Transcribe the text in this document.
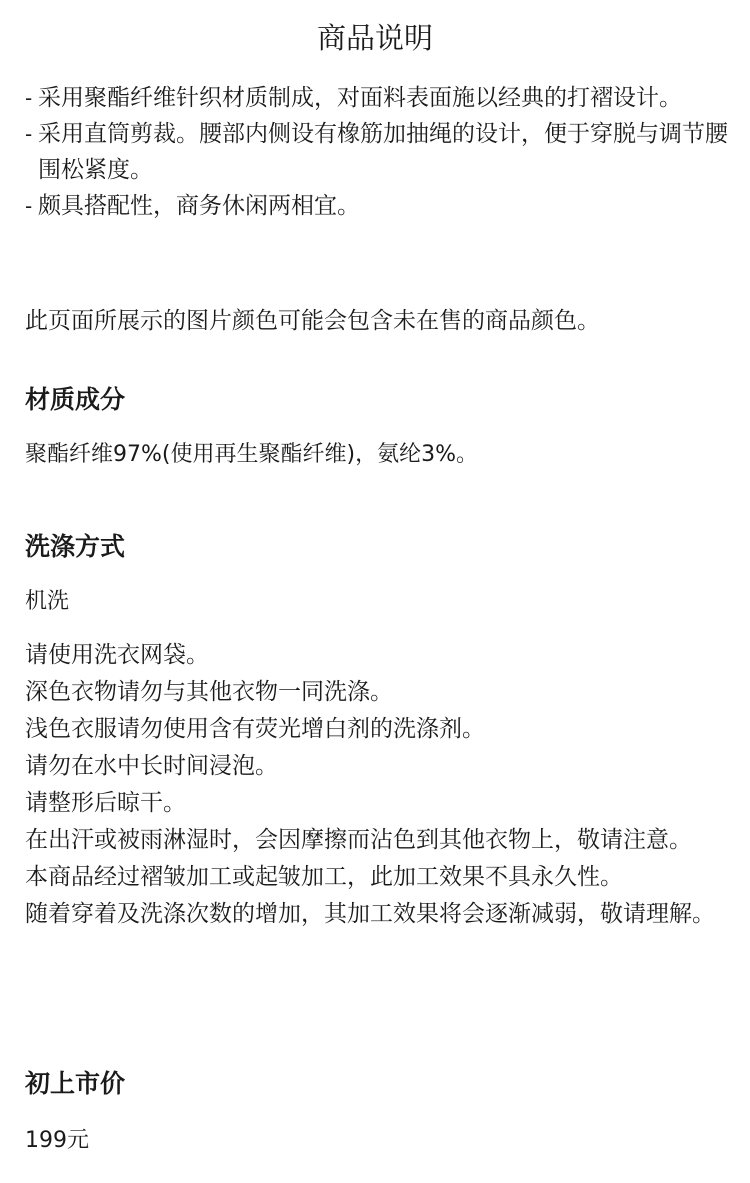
商品说明
- 采用聚酯纤维针织材质制成，对面料表面施以经典的打褶设计。
- 采用直筒剪裁。腰部内侧设有橡筋加抽绳的设计，便于穿脱与调节腰围松紧度。
- 颇具搭配性，商务休闲两相宜。

此页面所展示的图片颜色可能会包含未在售的商品颜色。

材质成分

聚酯纤维97%(使用再生聚酯纤维)，氨纶3%。

洗涤方式

机洗

请使用洗衣网袋。
深色衣物请勿与其他衣物一同洗涤。
浅色衣服请勿使用含有荧光增白剂的洗涤剂。
请勿在水中长时间浸泡。
请整形后晾干。
在出汗或被雨淋湿时，会因摩擦而沾色到其他衣物上，敬请注意。
本商品经过褶皱加工或起皱加工，此加工效果不具永久性。
随着穿着及洗涤次数的增加，其加工效果将会逐渐减弱，敬请理解。
初上市价

199元
